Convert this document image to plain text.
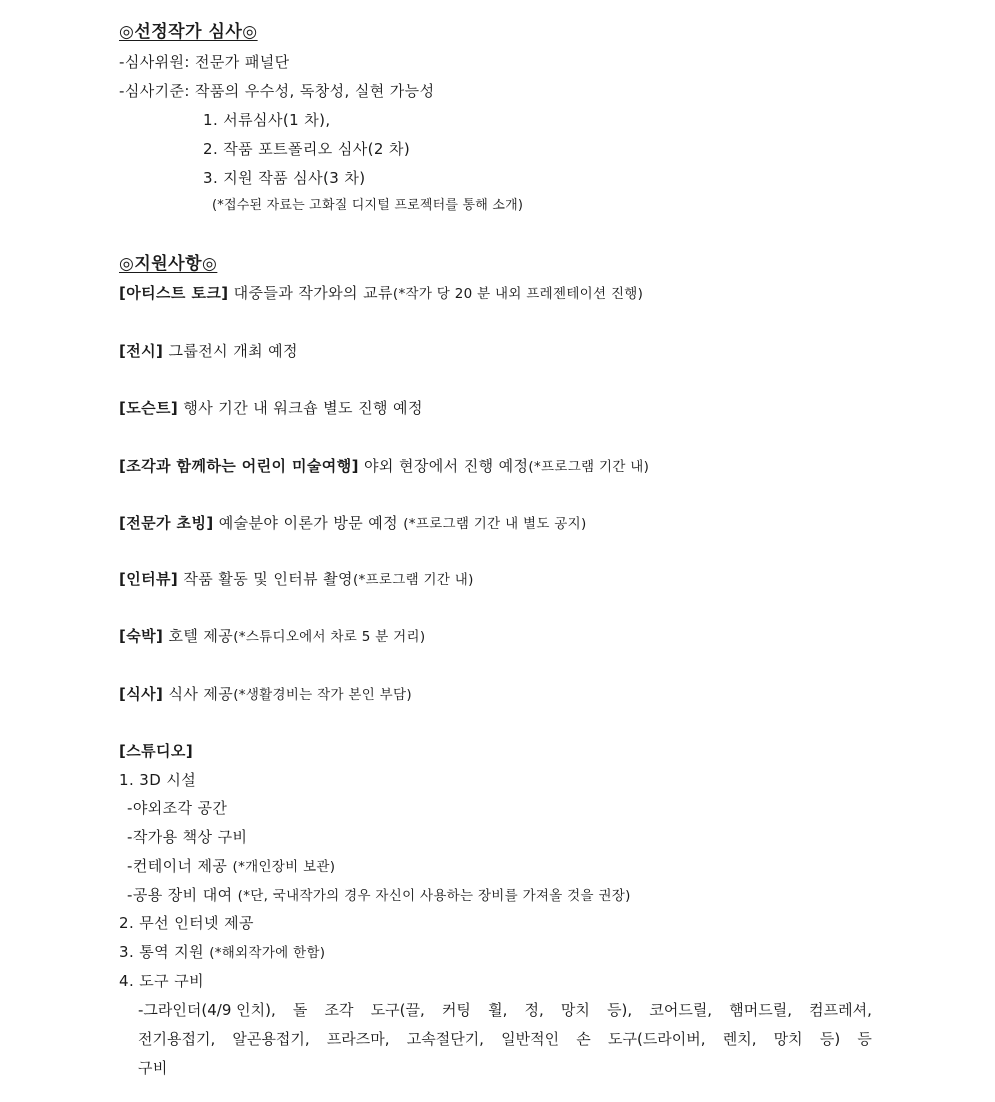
◎선정작가 심사◎
-심사위원: 전문가 패널단
-심사기준: 작품의 우수성, 독창성, 실현 가능성
1. 서류심사(1 차),
2. 작품 포트폴리오 심사(2 차)
3. 지원 작품 심사(3 차)
(*접수된 자료는 고화질 디지털 프로젝터를 통해 소개)
◎지원사항◎
[아티스트 토크] 대중들과 작가와의 교류(*작가 당 20 분 내외 프레젠테이션 진행)
[전시] 그룹전시 개최 예정
[도슨트] 행사 기간 내 워크숍 별도 진행 예정
[조각과 함께하는 어린이 미술여행] 야외 현장에서 진행 예정(*프로그램 기간 내)
[전문가 초빙] 예술분야 이론가 방문 예정 (*프로그램 기간 내 별도 공지)
[인터뷰] 작품 활동 및 인터뷰 촬영(*프로그램 기간 내)
[숙박] 호텔 제공(*스튜디오에서 차로 5 분 거리)
[식사] 식사 제공(*생활경비는 작가 본인 부담)
[스튜디오]
1. 3D 시설
-야외조각 공간
-작가용 책상 구비
-컨테이너 제공 (*개인장비 보관)
-공용 장비 대여 (*단, 국내작가의 경우 자신이 사용하는 장비를 가져올 것을 권장)
2. 무선 인터넷 제공
3. 통역 지원 (*해외작가에 한함)
4. 도구 구비
-그라인더(4/9 인치), 돌 조각 도구(끌, 커팅 휠, 정, 망치 등), 코어드릴, 햄머드릴, 컴프레셔,
전기용접기, 알곤용접기, 프라즈마, 고속절단기, 일반적인 손 도구(드라이버, 렌치, 망치 등) 등
구비
